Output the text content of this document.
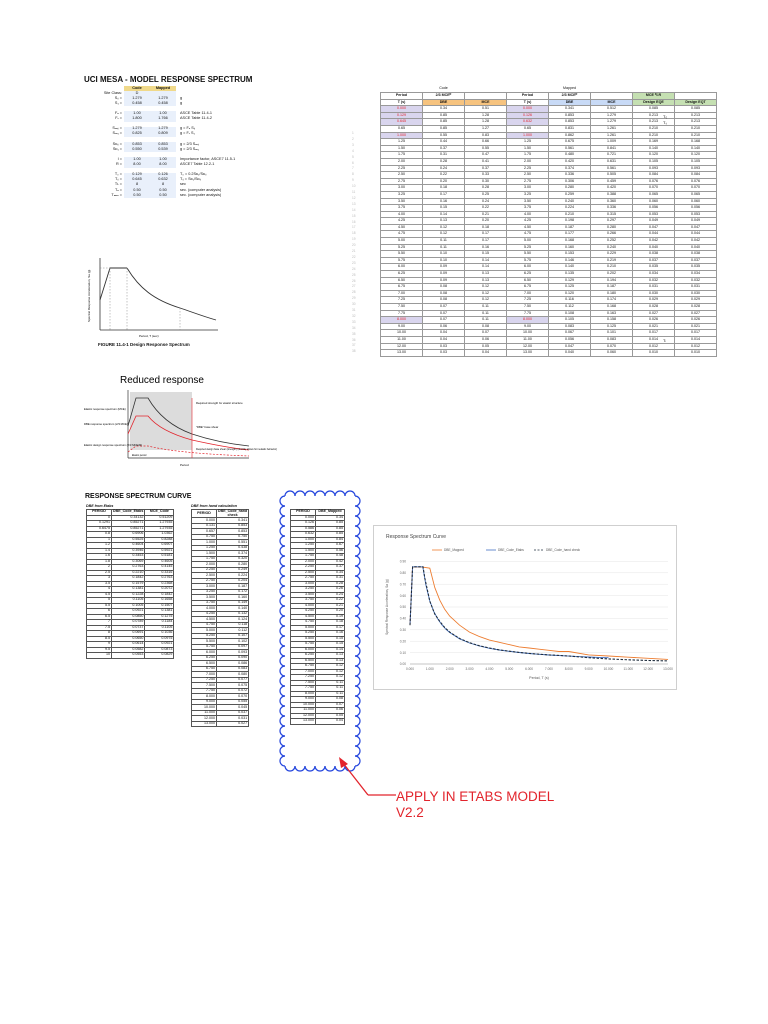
UCI MESA - MODEL RESPONSE SPECTRUM
	Code	Mapped	
Site Class:	D		
Sₛ =	1.279	1.279	g
S₁ =	0.458	0.458	g

Fₐ =	1.00	1.00	ASCE Table 11.4-1
Fᵥ =	1.800	1.766	ASCE Table 11.4-2

Sₘₛ =	1.279	1.279	g = Fₐ Sₛ
Sₘ₁ =	0.825	0.809	g = Fᵥ S₁

Sᴅₛ =	0.853	0.853	g = 2/3 Sₘₛ
Sᴅ₁ =	0.550	0.539	g = 2/3 Sₘ₁

I =	1.00	1.00	Importance factor, ASCE7 11.5-1
R =	8.00	8.00	ASCE7 Table 12.2-1

T₀ =	0.129	0.126	T₀ = 0.2Sᴅ₁/Sᴅₛ
Tₛ =	0.645	0.632	Tₛ = Sᴅ₁/Sᴅₛ
Tʟ =	8	8	sec
Tₐ =	0.50	0.50	sec. (computer analysis)
Tₘₐₓ =	0.50	0.50	sec. (computer analysis)
Spectral Response Acceleration, Sa (g)
Period, T (sec)
FIGURE 11.4-1 Design Response Spectrum
Reduced response
Elastic response spectrum (MCE)
DBE response spectrum (2/3 MCE)
Elastic design response spectrum (2/3 MCE/R)
Required strength for elastic structure
"DBE" base shear
Required design base shear (strength) (ductility allows for inelastic behavior)
Period
Elastic period
Code			Mapped				
Period	2/3 MCEᴿ		Period	2/3 MCEᴿ		MCE ᴿ/ᵣR	
T (s)	DBE	MCE	T (s)	DBE	MCE	Design EQE	Design EQT
0.000	0.34	0.51	0.000	0.341	0.512	0.085	0.085
0.129	0.85	1.28	0.126	0.853	1.279	0.213	0.213
0.645	0.85	1.28	0.632	0.853	1.279	0.213	0.213
0.65	0.85	1.27	0.65	0.831	1.261	0.210	0.210
1.000	0.55	0.83	1.000	0.862	1.261	0.210	0.210
1.25	0.44	0.66	1.25	0.675	1.009	0.169	0.168
1.50	0.37	0.55	1.50	0.561	0.841	0.140	0.140
1.75	0.31	0.47	1.75	0.480	0.721	0.120	0.120
2.00	0.28	0.41	2.00	0.420	0.631	0.105	0.105
2.25	0.24	0.37	2.25	0.374	0.561	0.093	0.093
2.50	0.22	0.33	2.50	0.336	0.505	0.084	0.084
2.75	0.20	0.30	2.75	0.306	0.459	0.076	0.076
3.00	0.18	0.28	3.00	0.280	0.420	0.070	0.070
3.25	0.17	0.25	3.25	0.259	0.388	0.065	0.065
3.50	0.16	0.24	3.50	0.240	0.360	0.060	0.060
3.75	0.15	0.22	3.75	0.224	0.336	0.056	0.056
4.00	0.14	0.21	4.00	0.210	0.315	0.053	0.053
4.25	0.13	0.20	4.25	0.198	0.297	0.049	0.049
4.50	0.12	0.18	4.50	0.187	0.280	0.047	0.047
4.75	0.12	0.17	4.75	0.177	0.266	0.044	0.044
5.00	0.11	0.17	5.00	0.168	0.252	0.042	0.042
5.25	0.11	0.16	5.25	0.160	0.240	0.040	0.040
5.50	0.10	0.15	5.50	0.153	0.229	0.038	0.038
5.75	0.10	0.14	5.75	0.146	0.219	0.037	0.037
6.00	0.09	0.14	6.00	0.140	0.210	0.035	0.035
6.25	0.09	0.13	6.25	0.135	0.202	0.034	0.034
6.50	0.09	0.13	6.50	0.129	0.194	0.032	0.032
6.75	0.08	0.12	6.75	0.125	0.187	0.031	0.031
7.00	0.08	0.12	7.00	0.120	0.180	0.030	0.030
7.25	0.08	0.12	7.25	0.116	0.174	0.029	0.029
7.50	0.07	0.11	7.50	0.112	0.168	0.028	0.028
7.75	0.07	0.11	7.75	0.108	0.163	0.027	0.027
8.000	0.07	0.11	8.000	0.105	0.158	0.026	0.026
9.00	0.06	0.08	9.00	0.083	0.125	0.021	0.021
10.00	0.04	0.07	10.00	0.067	0.101	0.017	0.017
11.00	0.04	0.06	11.00	0.056	0.083	0.014	0.014
12.00	0.03	0.05	12.00	0.047	0.070	0.012	0.012
13.00	0.03	0.04	13.00	0.040	0.060	0.010	0.010
1
2
3
4
5
6
7
8
9
10
11
12
13
14
15
16
17
18
19
20
21
22
23
24
25
26
27
28
29
30
31
32
33
34
35
36
37
38
T₀
Tₛ
Tₗ
RESPONSE SPECTRUM CURVE
DBE from Etabs
PERIOD	DBE_Code_Etabs	MCE_Code
0	0.34132	0.51209
0.1291	0.85271	1.27935
0.6475	0.85271	1.27935
0.8	0.6906	1.0362
1	0.5525	0.8288
1.2	0.4604	0.6907
1.4	0.3946	0.5921
1.6	0.3453	0.5181
1.8	0.3069	0.4605
2	0.2763	0.4145
2.5	0.2210	0.3316
3	0.1842	0.2763
3.5	0.1579	0.2368
4	0.1381	0.2072
4.5	0.1228	0.1842
5	0.1105	0.1658
5.5	0.1005	0.1507
6	0.0921	0.1381
6.5	0.0850	0.1275
7	0.0789	0.1184
7.5	0.0737	0.1105
8	0.0691	0.1036
8.5	0.0650	0.0975
9	0.0614	0.0921
9.5	0.0582	0.0873
10	0.0553	0.0829
DBE from hand calculation
PERIOD	DBE_Code_hand check
0.000	0.341
0.131	0.853
0.657	0.853
0.750	0.750
1.000	0.551
1.250	0.438
1.500	0.374
1.750	0.320
2.000	0.280
2.250	0.249
2.500	0.224
2.750	0.204
3.000	0.187
3.250	0.172
3.500	0.160
3.750	0.149
4.000	0.140
4.250	0.132
4.500	0.124
4.750	0.118
5.000	0.112
5.250	0.107
5.500	0.102
5.750	0.097
6.000	0.093
6.250	0.090
6.500	0.086
6.750	0.083
7.000	0.080
7.250	0.077
7.500	0.075
7.750	0.072
8.000	0.070
9.000	0.055
10.000	0.045
11.000	0.037
12.000	0.031
13.000	0.027
PERIOD	DBE_Mapped
0.000	0.34
0.126	0.85
0.586	0.85
0.632	0.85
1.000	0.84
1.250	0.67
1.500	0.56
1.750	0.48
2.000	0.42
2.250	0.37
2.500	0.34
2.750	0.31
3.000	0.28
3.250	0.26
3.500	0.24
3.750	0.22
4.000	0.21
4.250	0.20
4.500	0.19
4.750	0.18
5.000	0.17
5.250	0.16
5.500	0.15
5.750	0.15
6.000	0.14
6.250	0.13
6.500	0.13
6.750	0.12
7.000	0.12
7.250	0.12
7.500	0.11
7.750	0.11
8.000	0.11
9.000	0.08
10.000	0.07
11.000	0.06
12.000	0.05
13.000	0.04
Response Spectrum Curve
0.00
0.10
0.20
0.30
0.40
0.50
0.60
0.70
0.80
0.90
0.000	1.000	2.000	3.000	4.000	5.000	6.000	7.000	8.000	9.000	10.000	11.000	12.000	13.000
Period, T (s)
Spectral Response Acceleration, Sa (g)
DBE_Mapped	DBE_Code_Etabs	DBE_Code_hand check
APPLY IN ETABS MODEL
V2.2
